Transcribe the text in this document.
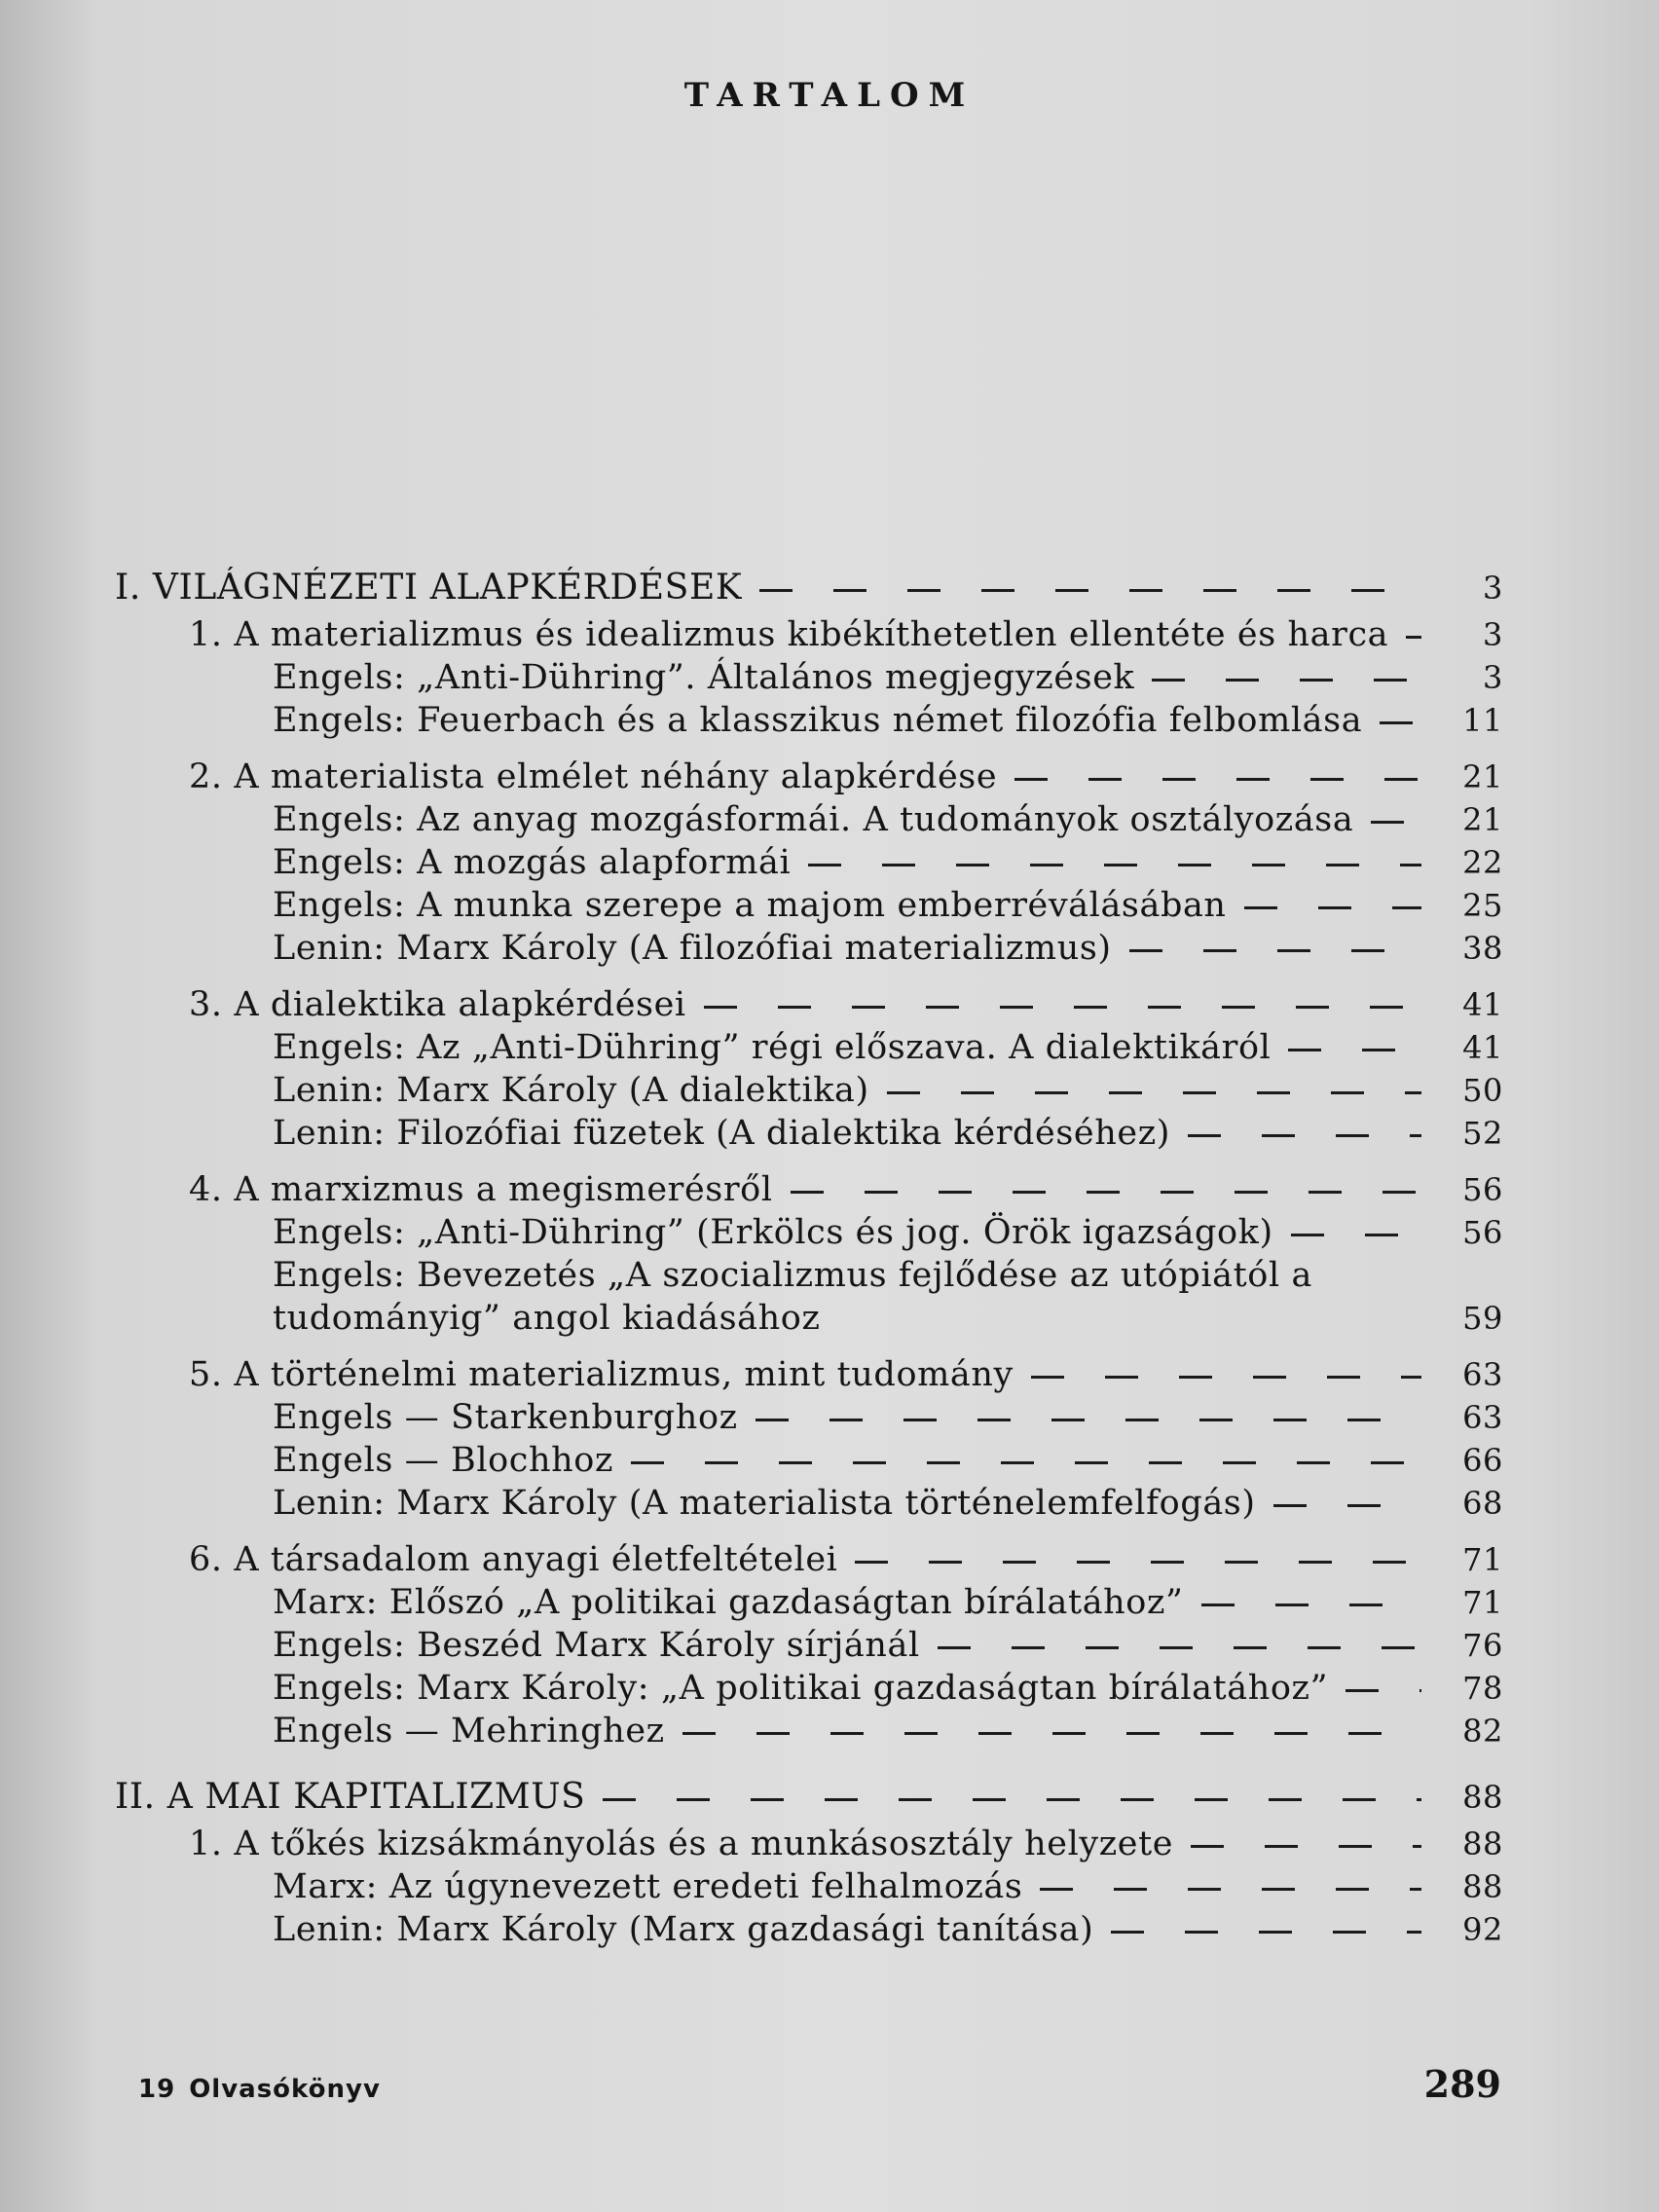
TARTALOM
I. VILÁGNÉZETI ALAPKÉRDÉSEK	3
1. A materializmus és idealizmus kibékíthetetlen ellentéte és harca	3
Engels: „Anti-Dühring”. Általános megjegyzések	3
Engels: Feuerbach és a klasszikus német filozófia felbomlása	11
2. A materialista elmélet néhány alapkérdése	21
Engels: Az anyag mozgásformái. A tudományok osztályozása	21
Engels: A mozgás alapformái	22
Engels: A munka szerepe a majom emberréválásában	25
Lenin: Marx Károly (A filozófiai materializmus)	38
3. A dialektika alapkérdései	41
Engels: Az „Anti-Dühring” régi előszava. A dialektikáról	41
Lenin: Marx Károly (A dialektika)	50
Lenin: Filozófiai füzetek (A dialektika kérdéséhez)	52
4. A marxizmus a megismerésről	56
Engels: „Anti-Dühring” (Erkölcs és jog. Örök igazságok)	56
Engels: Bevezetés „A szocializmus fejlődése az utópiától a tudományig” angol kiadásához	59
5. A történelmi materializmus, mint tudomány	63
Engels — Starkenburghoz	63
Engels — Blochhoz	66
Lenin: Marx Károly (A materialista történelemfelfogás)	68
6. A társadalom anyagi életfeltételei	71
Marx: Előszó „A politikai gazdaságtan bírálatához”	71
Engels: Beszéd Marx Károly sírjánál	76
Engels: Marx Károly: „A politikai gazdaságtan bírálatához”	78
Engels — Mehringhez	82
II. A MAI KAPITALIZMUS	88
1. A tőkés kizsákmányolás és a munkásosztály helyzete	88
Marx: Az úgynevezett eredeti felhalmozás	88
Lenin: Marx Károly (Marx gazdasági tanítása)	92
19 Olvasókönyv	289
